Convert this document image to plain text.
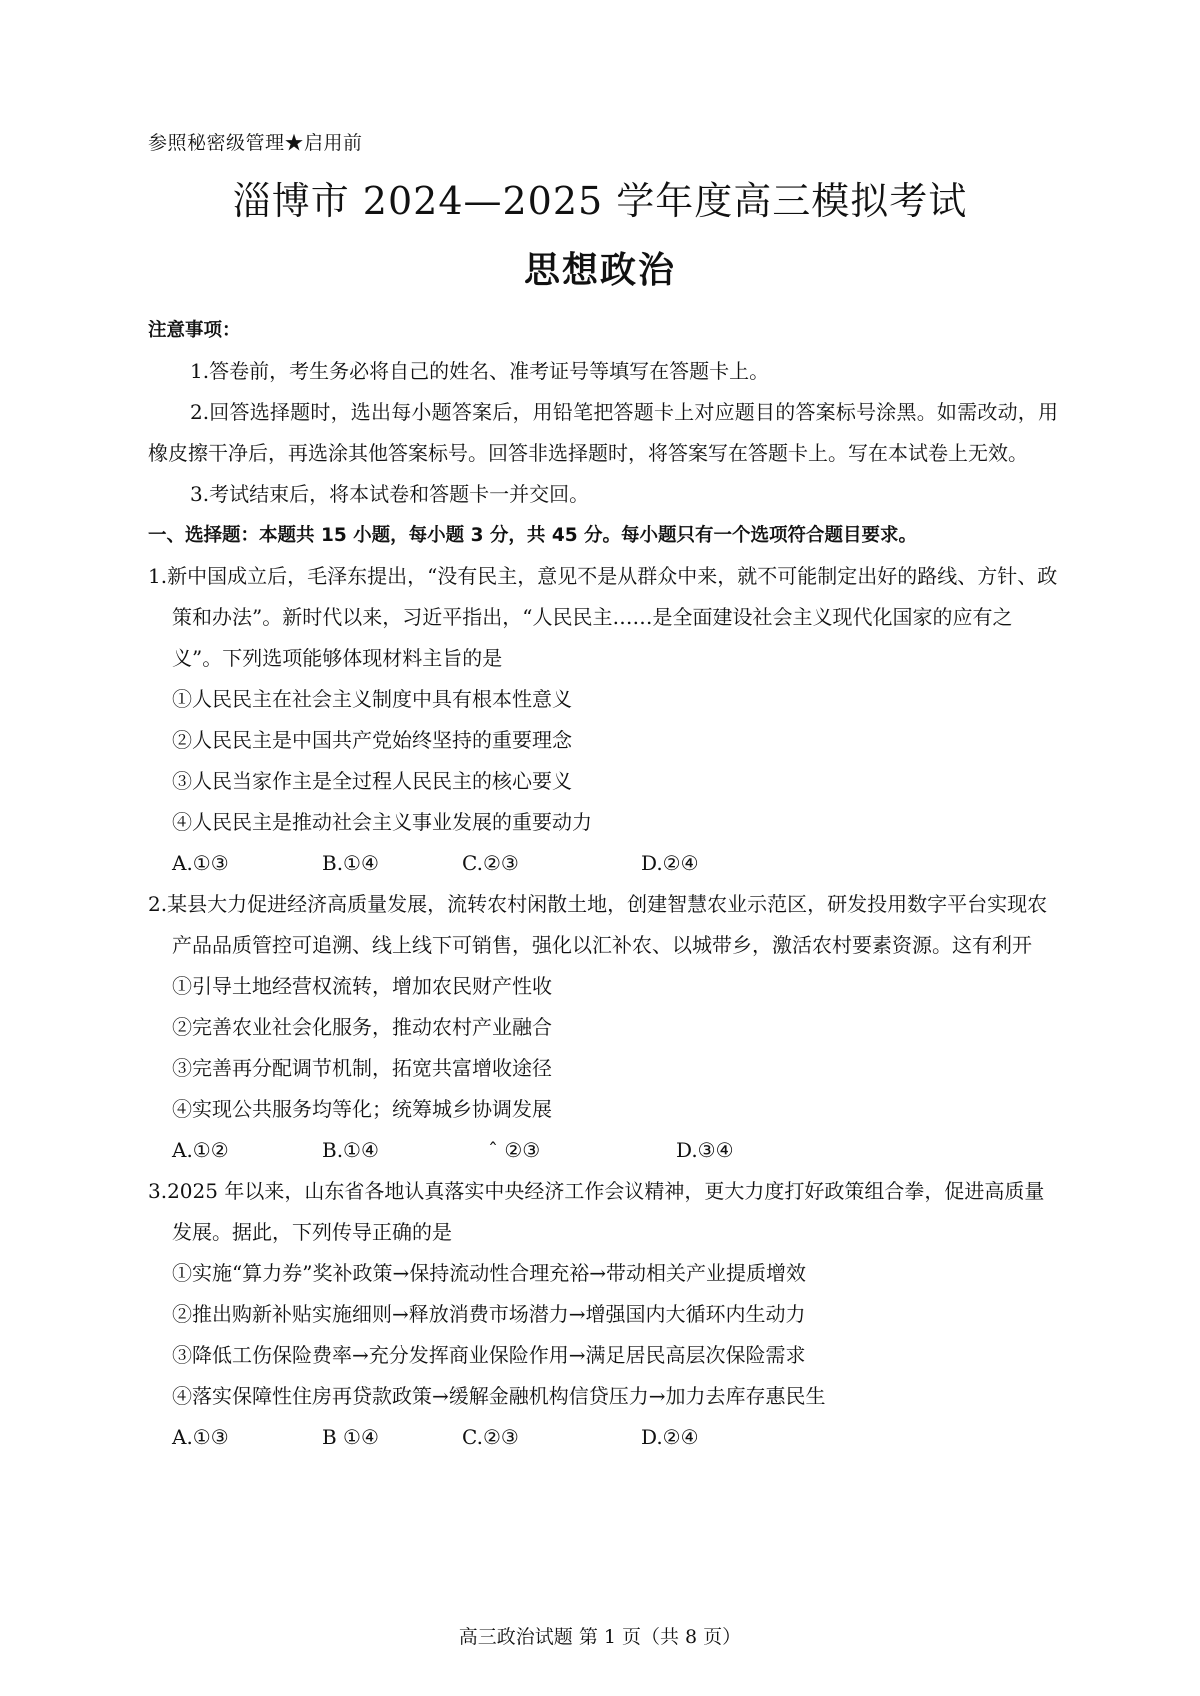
参照秘密级管理★启用前
淄博市 2024—2025 学年度高三模拟考试
思想政治
注意事项：

1.答卷前，考生务必将自己的姓名、准考证号等填写在答题卡上。

2.回答选择题时，选出每小题答案后，用铅笔把答题卡上对应题目的答案标号涂黑。如需改动，用橡皮擦干净后，再选涂其他答案标号。回答非选择题时，将答案写在答题卡上。写在本试卷上无效。

3.考试结束后，将本试卷和答题卡一并交回。

一、选择题：本题共 15 小题，每小题 3 分，共 45 分。每小题只有一个选项符合题目要求。

1.新中国成立后，毛泽东提出，“没有民主，意见不是从群众中来，就不可能制定出好的路线、方针、政策和办法”。新时代以来，习近平指出，“人民民主……是全面建设社会主义现代化国家的应有之义”。下列选项能够体现材料主旨的是

①人民民主在社会主义制度中具有根本性意义

②人民民主是中国共产党始终坚持的重要理念

③人民当家作主是全过程人民民主的核心要义

④人民民主是推动社会主义事业发展的重要动力

A.①③	B.①④	C.②③	D.②④

2.某县大力促进经济高质量发展，流转农村闲散土地，创建智慧农业示范区，研发投用数字平台实现农产品品质管控可追溯、线上线下可销售，强化以汇补农、以城带乡，激活农村要素资源。这有利开

①引导土地经营权流转，增加农民财产性收

②完善农业社会化服务，推动农村产业融合

③完善再分配调节机制，拓宽共富增收途径

④实现公共服务均等化；统筹城乡协调发展

A.①②	B.①④	ˆ ②③	D.③④

3.2025 年以来，山东省各地认真落实中央经济工作会议精神，更大力度打好政策组合拳，促进高质量发展。据此，下列传导正确的是

①实施“算力券”奖补政策→保持流动性合理充裕→带动相关产业提质增效

②推出购新补贴实施细则→释放消费市场潜力→增强国内大循环内生动力

③降低工伤保险费率→充分发挥商业保险作用→满足居民高层次保险需求

④落实保障性住房再贷款政策→缓解金融机构信贷压力→加力去库存惠民生

A.①③	B ①④	C.②③	D.②④
高三政治试题 第 1 页（共 8 页）
